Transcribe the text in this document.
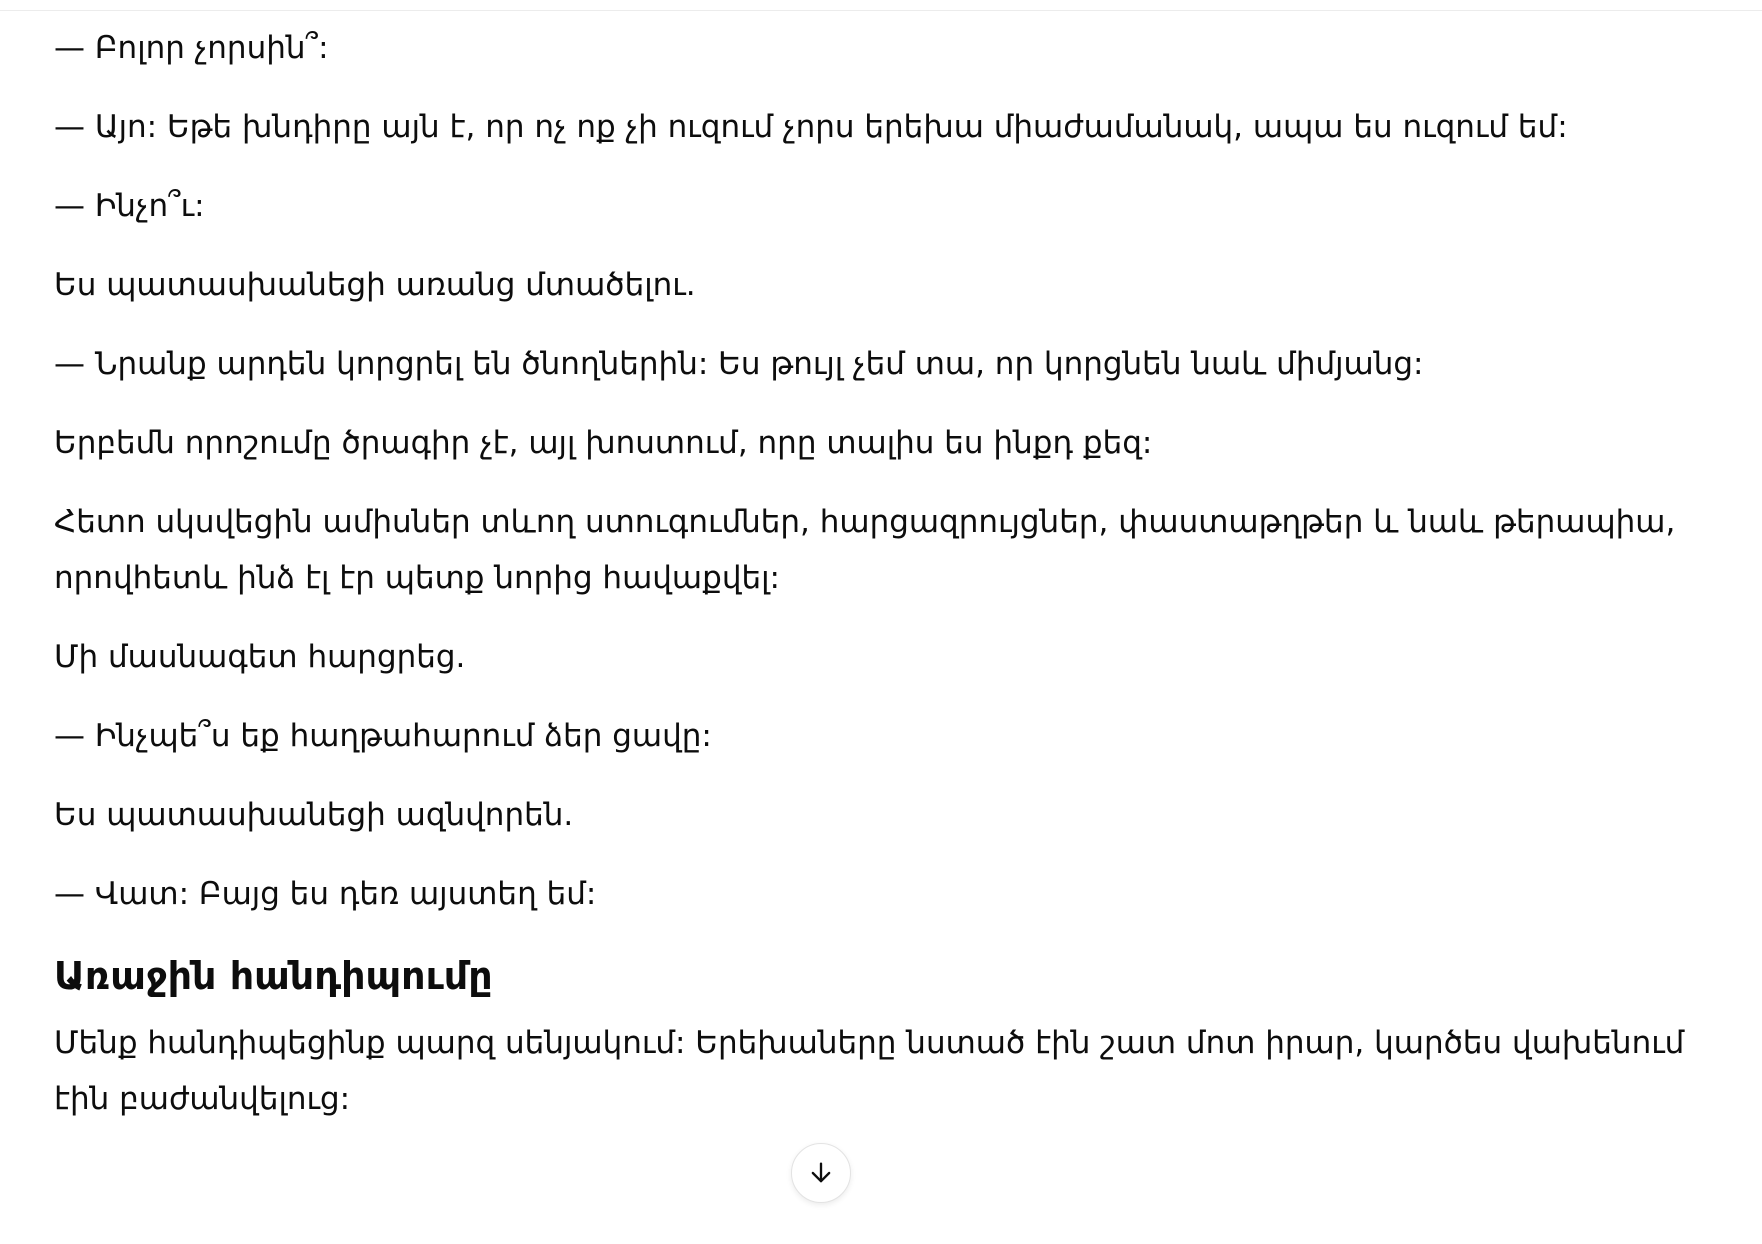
— Բոլոր չորսին՞:

— Այո: Եթե խնդիրը այն է, որ ոչ ոք չի ուզում չորս երեխա միաժամանակ, ապա ես ուզում եմ:

— Ինչո՞ւ:

Ես պատասխանեցի առանց մտածելու.

— Նրանք արդեն կորցրել են ծնողներին: Ես թույլ չեմ տա, որ կորցնեն նաև միմյանց:

Երբեմն որոշումը ծրագիր չէ, այլ խոստում, որը տալիս ես ինքդ քեզ:

Հետո սկսվեցին ամիսներ տևող ստուգումներ, հարցազրույցներ, փաստաթղթեր և նաև թերապիա,

որովհետև ինձ էլ էր պետք նորից հավաքվել:

Մի մասնագետ հարցրեց.

— Ինչպե՞ս եք հաղթահարում ձեր ցավը:

Ես պատասխանեցի ազնվորեն.

— Վատ: Բայց ես դեռ այստեղ եմ:

Առաջին հանդիպումը

Մենք հանդիպեցինք պարզ սենյակում: Երեխաները նստած էին շատ մոտ իրար, կարծես վախենում

էին բաժանվելուց:
